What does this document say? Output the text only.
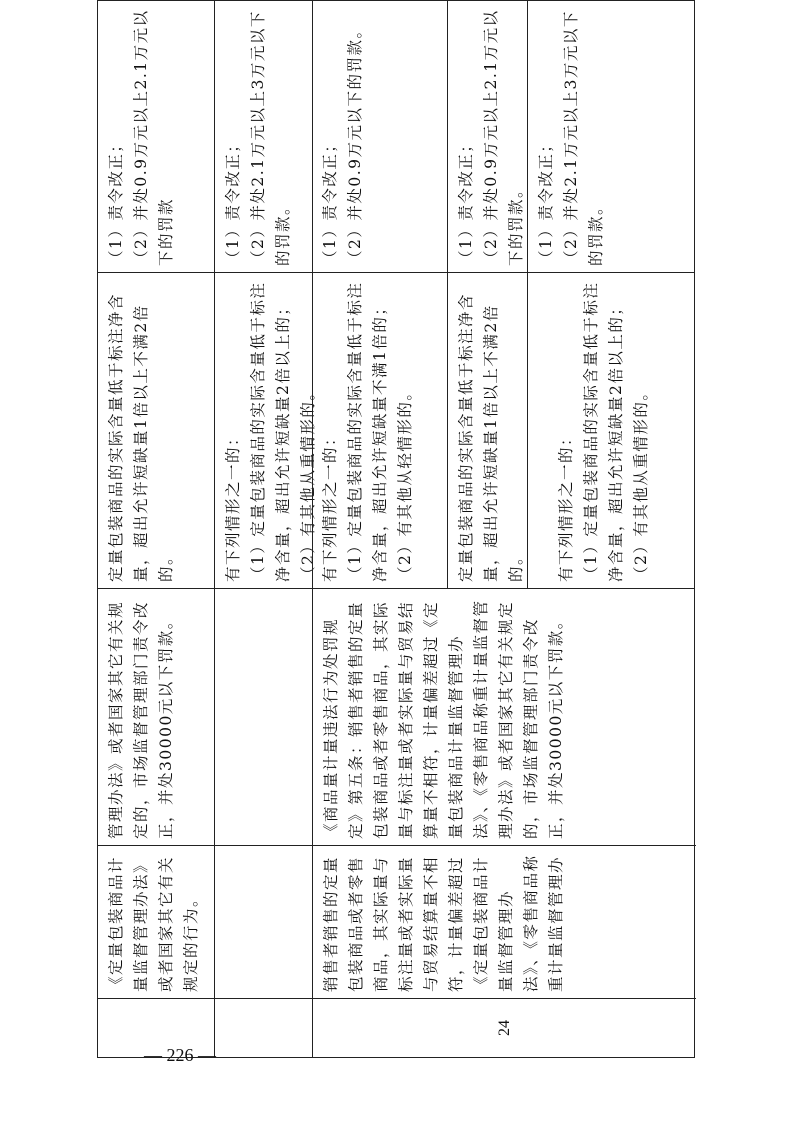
《定量包装商品计量监督管理办法》或者国家其它有关规定的行为。
管理办法》或者国家其它有关规定的，市场监督管理部门责令改正，并处30000元以下罚款。
定量包装商品的实际含量低于标注净含量，超出允许短缺量1倍以上不满2倍的。
（1）责令改正；
（2）并处0.9万元以上2.1万元以下的罚款
有下列情形之一的：
（1）定量包装商品的实际含量低于标注净含量，超出允许短缺量2倍以上的；
（2）有其他从重情形的。
（1）责令改正；
（2）并处2.1万元以上3万元以下的罚款。
24
销售者销售的定量包装商品或者零售商品，其实际量与标注量或者实际量与贸易结算量不相符，计量偏差超过《定量包装商品计量监督管理办法》、《零售商品称重计量监督管理办
《商品量计量违法行为处罚规定》第五条：销售者销售的定量包装商品或者零售商品，其实际量与标注量或者实际量与贸易结算量不相符，计量偏差超过《定量包装商品计量监督管理办法》、《零售商品称重计量监督管理办法》或者国家其它有关规定的，市场监督管理部门责令改正，并处30000元以下罚款。
有下列情形之一的：
（1）定量包装商品的实际含量低于标注净含量，超出允许短缺量不满1倍的；
（2）有其他从轻情形的。
（1）责令改正；
（2）并处0.9万元以下的罚款。
定量包装商品的实际含量低于标注净含量，超出允许短缺量1倍以上不满2倍的。
（1）责令改正；
（2）并处0.9万元以上2.1万元以下的罚款。
有下列情形之一的：
（1）定量包装商品的实际含量低于标注净含量，超出允许短缺量2倍以上的；
（2）有其他从重情形的。
（1）责令改正；
（2）并处2.1万元以上3万元以下的罚款。
— 226 —
